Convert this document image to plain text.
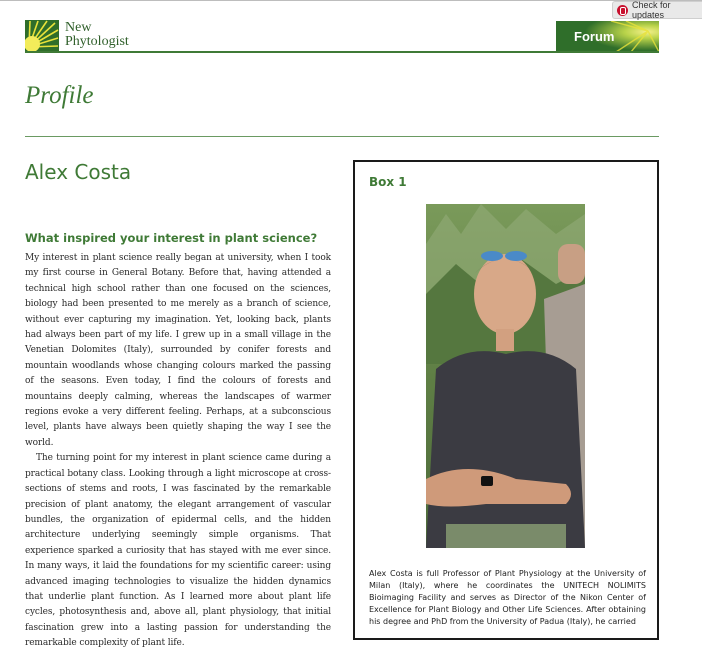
Check for updates
New
Phytologist	Forum
Profile
Alex Costa
What inspired your interest in plant science?

My interest in plant science really began at university, when I took my first course in General Botany. Before that, having attended a technical high school rather than one focused on the sciences, biology had been presented to me merely as a branch of science, without ever capturing my imagination. Yet, looking back, plants had always been part of my life. I grew up in a small village in the Venetian Dolomites (Italy), surrounded by conifer forests and mountain woodlands whose changing colours marked the passing of the seasons. Even today, I find the colours of forests and mountains deeply calming, whereas the landscapes of warmer regions evoke a very different feeling. Perhaps, at a subconscious level, plants have always been quietly shaping the way I see the world.

The turning point for my interest in plant science came during a practical botany class. Looking through a light microscope at cross-sections of stems and roots, I was fascinated by the remarkable precision of plant anatomy, the elegant arrangement of vascular bundles, the organization of epidermal cells, and the hidden architecture underlying seemingly simple organisms. That experience sparked a curiosity that has stayed with me ever since. In many ways, it laid the foundations for my scientific career: using advanced imaging technologies to visualize the hidden dynamics that underlie plant function. As I learned more about plant life cycles, photosynthesis and, above all, plant physiology, that initial fascination grew into a lasting passion for understanding the remarkable complexity of plant life.

Box 1
Alex Costa is full Professor of Plant Physiology at the University of Milan (Italy), where he coordinates the UNITECH NOLIMITS Bioimaging Facility and serves as Director of the Nikon Center of Excellence for Plant Biology and Other Life Sciences. After obtaining his degree and PhD from the University of Padua (Italy), he carried
